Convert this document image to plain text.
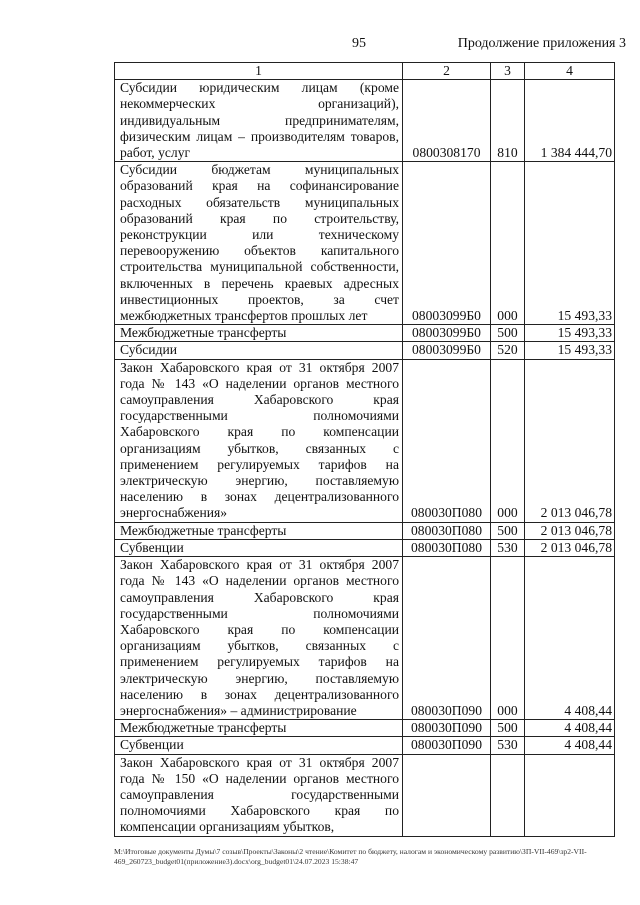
95	Продолжение приложения 3
1	2	3	4
Субсидии юридическим лицам (кроме некоммерческих организаций), индивидуальным предпринимателям, физическим лицам – производителям товаров, работ, услуг	0800308170	810	1 384 444,70
Субсидии бюджетам муниципальных образований края на софинансирование расходных обязательств муниципальных образований края по строительству, реконструкции или техническому перевооружению объектов капитального строительства муниципальной собственности, включенных в перечень краевых адресных инвестиционных проектов, за счет межбюджетных трансфертов прошлых лет	08003099Б0	000	15 493,33
Межбюджетные трансферты	08003099Б0	500	15 493,33
Субсидии	08003099Б0	520	15 493,33
Закон Хабаровского края от 31 октября 2007 года № 143 «О наделении органов местного самоуправления Хабаровского края государственными полномочиями Хабаровского края по компенсации организациям убытков, связанных с применением регулируемых тарифов на электрическую энергию, поставляемую населению в зонах децентрализованного энергоснабжения»	080030П080	000	2 013 046,78
Межбюджетные трансферты	080030П080	500	2 013 046,78
Субвенции	080030П080	530	2 013 046,78
Закон Хабаровского края от 31 октября 2007 года № 143 «О наделении органов местного самоуправления Хабаровского края государственными полномочиями Хабаровского края по компенсации организациям убытков, связанных с применением регулируемых тарифов на электрическую энергию, поставляемую населению в зонах децентрализованного энергоснабжения» – администрирование	080030П090	000	4 408,44
Межбюджетные трансферты	080030П090	500	4 408,44
Субвенции	080030П090	530	4 408,44
Закон Хабаровского края от 31 октября 2007 года № 150 «О наделении органов местного самоуправления государственными полномочиями Хабаровского края по компенсации организациям убытков,			
M:\Итоговые документы Думы\7 созыв\Проекты\Законы\2 чтение\Комитет по бюджету, налогам и экономическому развитию\ЗП-VII-469\зр2-VII-469_260723_budget01(приложение3).docx\org_budget01\24.07.2023 15:38:47
